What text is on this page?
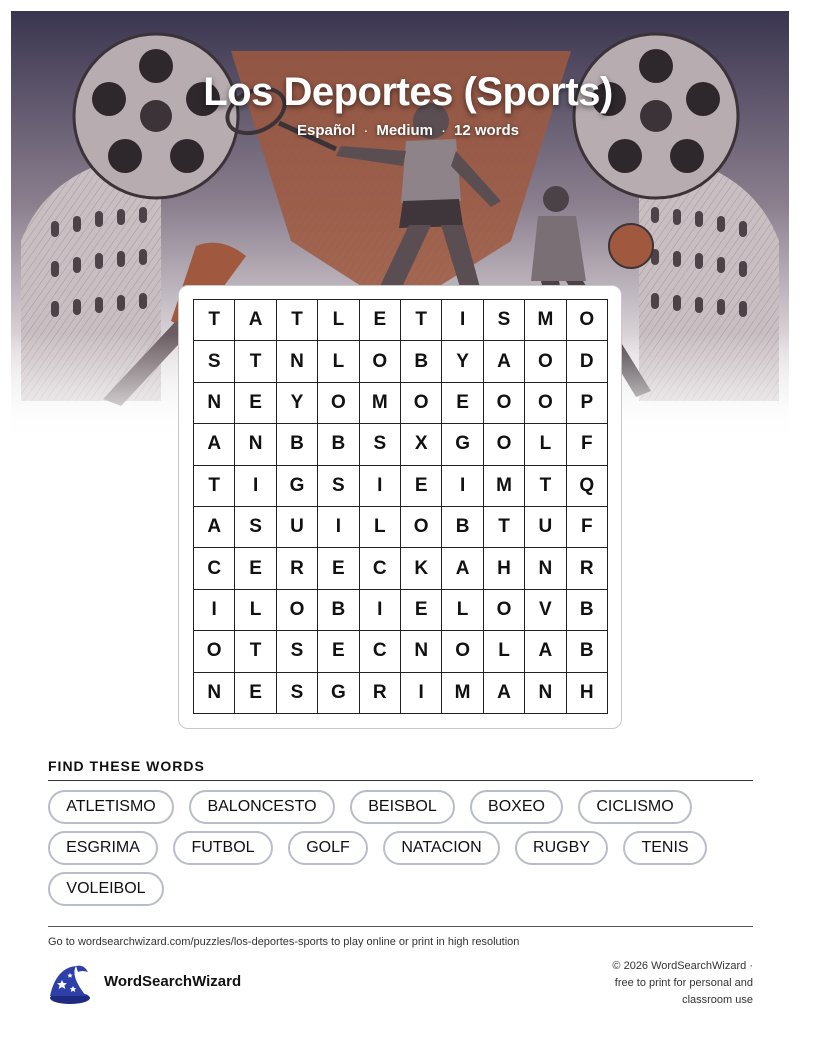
Los Deportes (Sports)
Español · Medium · 12 words
T	A	T	L	E	T	I	S	M	O
S	T	N	L	O	B	Y	A	O	D
N	E	Y	O	M	O	E	O	O	P
A	N	B	B	S	X	G	O	L	F
T	I	G	S	I	E	I	M	T	Q
A	S	U	I	L	O	B	T	U	F
C	E	R	E	C	K	A	H	N	R
I	L	O	B	I	E	L	O	V	B
O	T	S	E	C	N	O	L	A	B
N	E	S	G	R	I	M	A	N	H
FIND THESE WORDS
ATLETISMO	BALONCESTO	BEISBOL	BOXEO	CICLISMO
ESGRIMA	FUTBOL	GOLF	NATACION	RUGBY	TENIS
VOLEIBOL
Go to wordsearchwizard.com/puzzles/los-deportes-sports to play online or print in high resolution
WordSearchWizard
© 2026 WordSearchWizard ·
free to print for personal and
classroom use
